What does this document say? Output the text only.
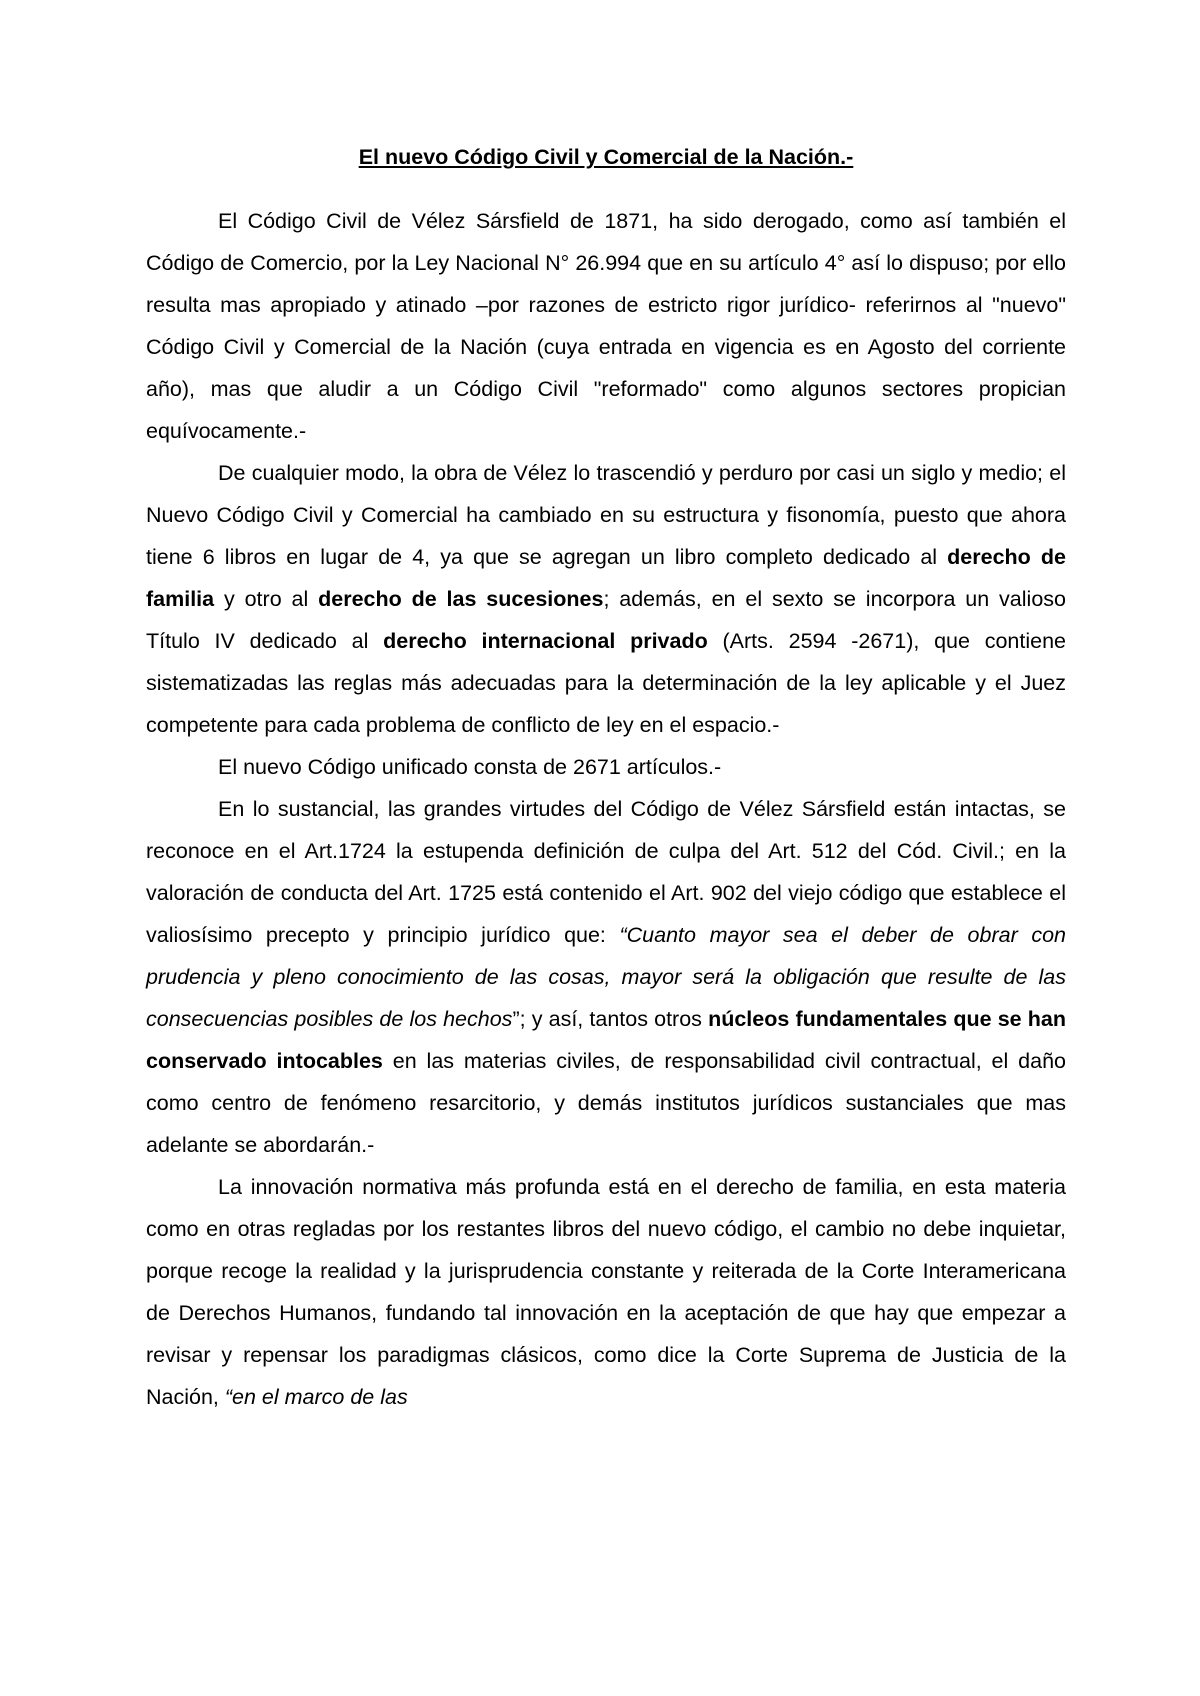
El nuevo Código Civil y Comercial de la Nación.-

El Código Civil de Vélez Sársfield de 1871, ha sido derogado, como así también el Código de Comercio, por la Ley Nacional N° 26.994 que en su artículo 4° así lo dispuso; por ello resulta mas apropiado y atinado –por razones de estricto rigor jurídico- referirnos al "nuevo" Código Civil y Comercial de la Nación (cuya entrada en vigencia es en Agosto del corriente año), mas que aludir a un Código Civil "reformado" como algunos sectores propician equívocamente.-

De cualquier modo, la obra de Vélez lo trascendió y perduro por casi un siglo y medio; el Nuevo Código Civil y Comercial ha cambiado en su estructura y fisonomía, puesto que ahora tiene 6 libros en lugar de 4, ya que se agregan un libro completo dedicado al derecho de familia y otro al derecho de las sucesiones; además, en el sexto se incorpora un valioso Título IV dedicado al derecho internacional privado (Arts. 2594 -2671), que contiene sistematizadas las reglas más adecuadas para la determinación de la ley aplicable y el Juez competente para cada problema de conflicto de ley en el espacio.-

El nuevo Código unificado consta de 2671 artículos.-

En lo sustancial, las grandes virtudes del Código de Vélez Sársfield están intactas, se reconoce en el Art.1724 la estupenda definición de culpa del Art. 512 del Cód. Civil.; en la valoración de conducta del Art. 1725 está contenido el Art. 902 del viejo código que establece el valiosísimo precepto y principio jurídico que: “Cuanto mayor sea el deber de obrar con prudencia y pleno conocimiento de las cosas, mayor será la obligación que resulte de las consecuencias posibles de los hechos”; y así, tantos otros núcleos fundamentales que se han conservado intocables en las materias civiles, de responsabilidad civil contractual, el daño como centro de fenómeno resarcitorio, y demás institutos jurídicos sustanciales que mas adelante se abordarán.-

La innovación normativa más profunda está en el derecho de familia, en esta materia como en otras regladas por los restantes libros del nuevo código, el cambio no debe inquietar, porque recoge la realidad y la jurisprudencia constante y reiterada de la Corte Interamericana de Derechos Humanos, fundando tal innovación en la aceptación de que hay que empezar a revisar y repensar los paradigmas clásicos, como dice la Corte Suprema de Justicia de la Nación, “en el marco de las
